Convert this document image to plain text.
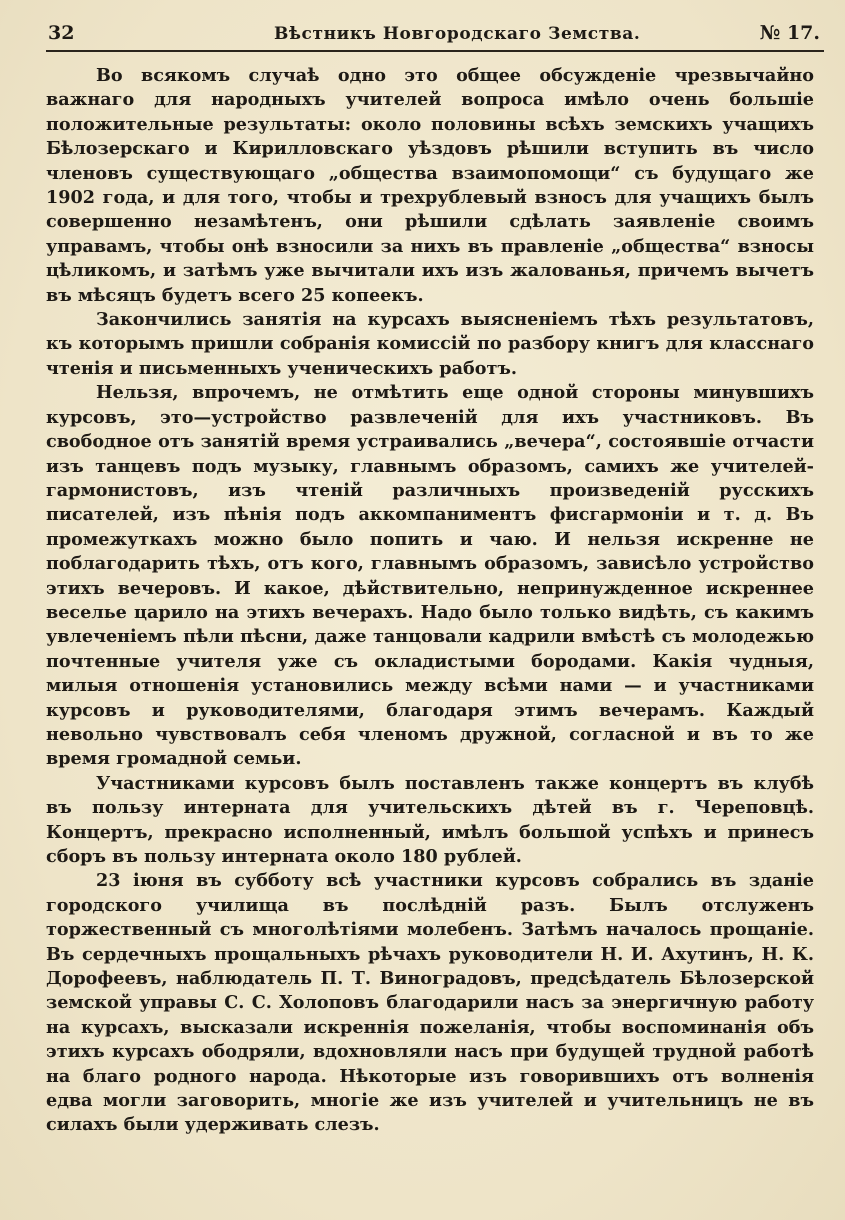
32	Вѣстникъ Новгородскаго Земства.	№ 17.

Во всякомъ случаѣ одно это общее обсужденіе чрезвычайно важнаго для народныхъ учителей вопроса имѣло очень большіе положительные результаты: около половины всѣхъ земскихъ учащихъ Бѣлозерскаго и Кирилловскаго уѣздовъ рѣшили вступить въ число членовъ существующаго „общества взаимопомощи“ съ будущаго же 1902 года, и для того, чтобы и трехрублевый взносъ для учащихъ былъ совершенно незамѣтенъ, они рѣшили сдѣлать заявленіе своимъ управамъ, чтобы онѣ взносили за нихъ въ правленіе „общества“ взносы цѣликомъ, и затѣмъ уже вычитали ихъ изъ жалованья, причемъ вычетъ въ мѣсяцъ будетъ всего 25 копеекъ.

Закончились занятія на курсахъ выясненіемъ тѣхъ результатовъ, къ которымъ пришли собранія комиссій по разбору книгъ для класснаго чтенія и письменныхъ ученическихъ работъ.

Нельзя, впрочемъ, не отмѣтить еще одной стороны минувшихъ курсовъ, это—устройство развлеченій для ихъ участниковъ. Въ свободное отъ занятій время устраивались „вечера“, состоявшіе отчасти изъ танцевъ подъ музыку, главнымъ образомъ, самихъ же учителей-гармонистовъ, изъ чтеній различныхъ произведеній русскихъ писателей, изъ пѣнія подъ аккомпаниментъ фисгармоніи и т. д. Въ промежуткахъ можно было попить и чаю. И нельзя искренне не поблагодарить тѣхъ, отъ кого, главнымъ образомъ, зависѣло устройство этихъ вечеровъ. И какое, дѣйствительно, непринужденное искреннее веселье царило на этихъ вечерахъ. Надо было только видѣть, съ какимъ увлеченіемъ пѣли пѣсни, даже танцовали кадрили вмѣстѣ съ молодежью почтенные учителя уже съ окладистыми бородами. Какія чудныя, милыя отношенія установились между всѣми нами — и участниками курсовъ и руководителями, благодаря этимъ вечерамъ. Каждый невольно чувствовалъ себя членомъ дружной, согласной и въ то же время громадной семьи.

Участниками курсовъ былъ поставленъ также концертъ въ клубѣ въ пользу интерната для учительскихъ дѣтей въ г. Череповцѣ. Концертъ, прекрасно исполненный, имѣлъ большой успѣхъ и принесъ сборъ въ пользу интерната около 180 рублей.

23 іюня въ субботу всѣ участники курсовъ собрались въ зданіе городского училища въ послѣдній разъ. Былъ отслуженъ торжественный съ многолѣтіями молебенъ. Затѣмъ началось прощаніе. Въ сердечныхъ прощальныхъ рѣчахъ руководители Н. И. Ахутинъ, Н. К. Дорофеевъ, наблюдатель П. Т. Виноградовъ, предсѣдатель Бѣлозерской земской управы С. С. Холоповъ благодарили насъ за энергичную работу на курсахъ, высказали искреннія пожеланія, чтобы воспоминанія объ этихъ курсахъ ободряли, вдохновляли насъ при будущей трудной работѣ на благо родного народа. Нѣкоторые изъ говорившихъ отъ волненія едва могли заговорить, многіе же изъ учителей и учительницъ не въ силахъ были удерживать слезъ.
